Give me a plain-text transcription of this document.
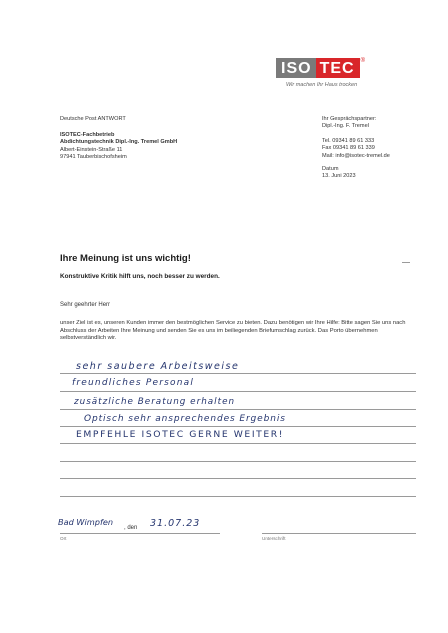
ISO TEC ®
Wir machen Ihr Haus trocken
Deutsche Post ANTWORT
ISOTEC-Fachbetrieb
Abdichtungstechnik Dipl.-Ing. Tremel GmbH
Albert-Einstein-Straße 11
97941 Tauberbischofsheim
Ihr Gesprächspartner:
Dipl.-Ing. F. Tremel
Tel. 09341 89 61 333
Fax 09341 89 61 339
Mail: info@isotec-tremel.de
Datum
13. Juni 2023
Ihre Meinung ist uns wichtig!
Konstruktive Kritik hilft uns, noch besser zu werden.
Sehr geehrter Herr
unser Ziel ist es, unseren Kunden immer den bestmöglichen Service zu bieten. Dazu benötigen wir Ihre Hilfe: Bitte sagen Sie uns nach Abschluss der Arbeiten Ihre Meinung und senden Sie es uns im beiliegenden Briefumschlag zurück. Das Porto übernehmen selbstverständlich wir.
sehr saubere Arbeitsweise
freundliches Personal
zusätzliche Beratung erhalten
Optisch sehr ansprechendes Ergebnis
EMPFEHLE ISOTEC GERNE WEITER!
Bad Wimpfen
, den 31.07.23
Ort	Unterschrift
